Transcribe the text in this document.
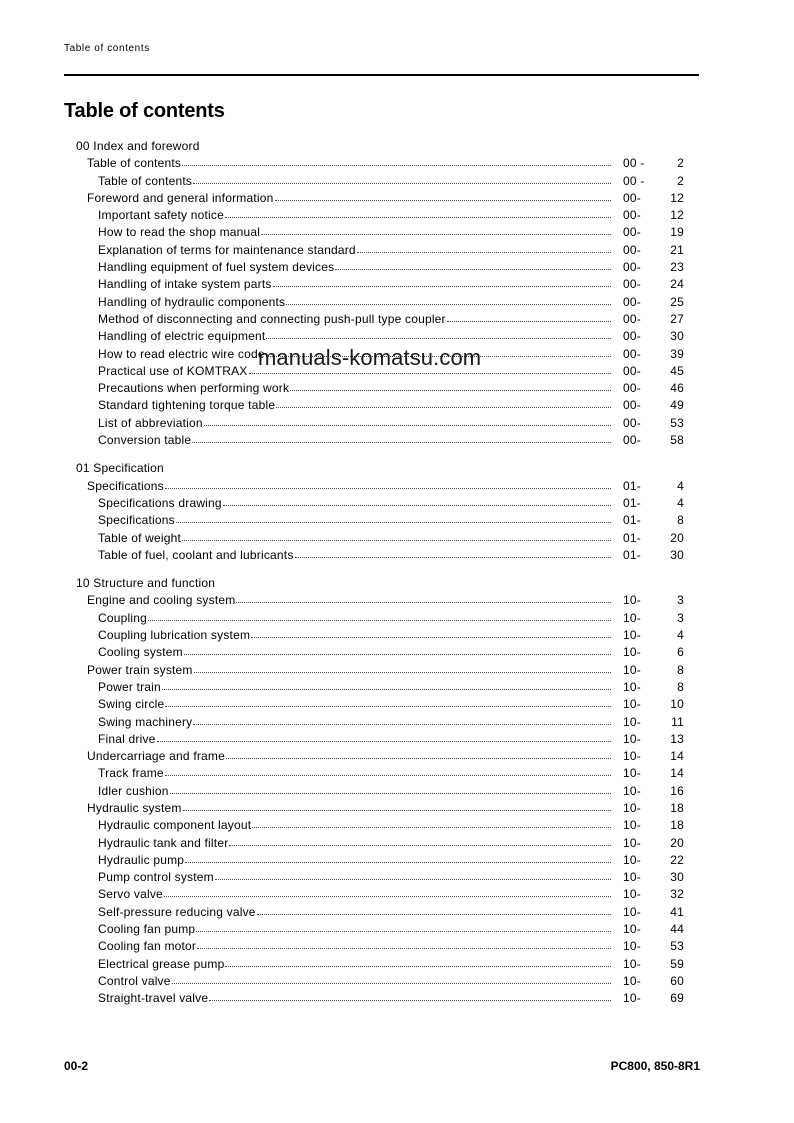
Table of contents
Table of contents
00 Index and foreword
Table of contents	00 -	2
Table of contents	00 -	2
Foreword and general information	00-	12
Important safety notice	00-	12
How to read the shop manual	00-	19
Explanation of terms for maintenance standard	00-	21
Handling equipment of fuel system devices	00-	23
Handling of intake system parts	00-	24
Handling of hydraulic components	00-	25
Method of disconnecting and connecting push-pull type coupler	00-	27
Handling of electric equipment	00-	30
How to read electric wire code	00-	39
Practical use of KOMTRAX	00-	45
Precautions when performing work	00-	46
Standard tightening torque table	00-	49
List of abbreviation	00-	53
Conversion table	00-	58
01 Specification
Specifications	01-	4
Specifications drawing	01-	4
Specifications	01-	8
Table of weight	01-	20
Table of fuel, coolant and lubricants	01-	30
10 Structure and function
Engine and cooling system	10-	3
Coupling	10-	3
Coupling lubrication system	10-	4
Cooling system	10-	6
Power train system	10-	8
Power train	10-	8
Swing circle	10-	10
Swing machinery	10-	11
Final drive	10-	13
Undercarriage and frame	10-	14
Track frame	10-	14
Idler cushion	10-	16
Hydraulic system	10-	18
Hydraulic component layout	10-	18
Hydraulic tank and filter	10-	20
Hydraulic pump	10-	22
Pump control system	10-	30
Servo valve	10-	32
Self-pressure reducing valve	10-	41
Cooling fan pump	10-	44
Cooling fan motor	10-	53
Electrical grease pump	10-	59
Control valve	10-	60
Straight-travel valve	10-	69
manuals-komatsu.com
00-2	PC800, 850-8R1
